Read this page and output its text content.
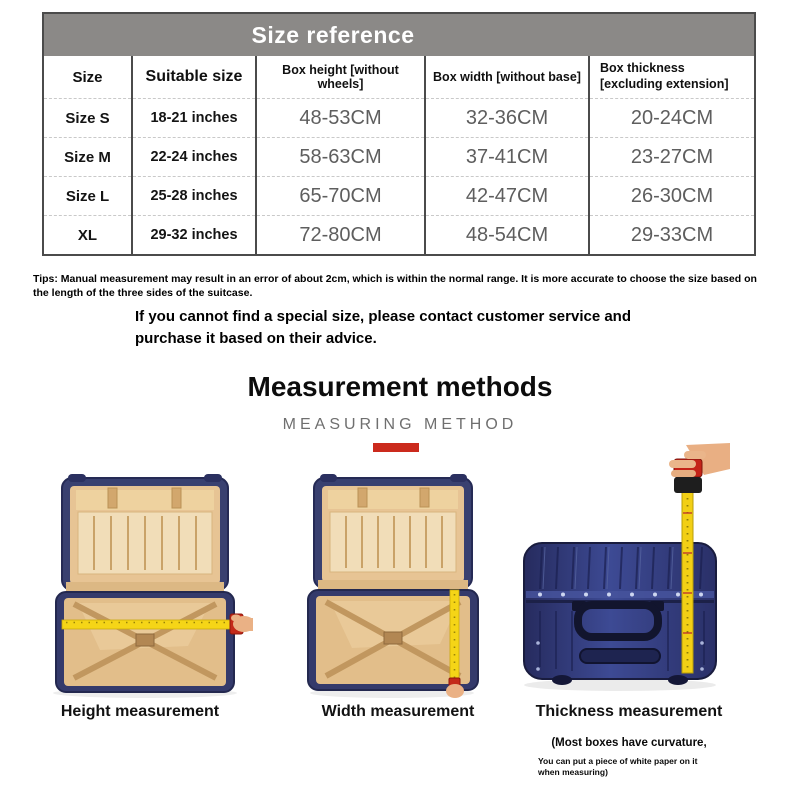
Size reference
Size	Suitable size	Box height [without wheels]	Box width [without base]	Box thickness [excluding extension]
Size S	18-21 inches	48-53CM	32-36CM	20-24CM
Size M	22-24 inches	58-63CM	37-41CM	23-27CM
Size L	25-28 inches	65-70CM	42-47CM	26-30CM
XL	29-32 inches	72-80CM	48-54CM	29-33CM

Tips: Manual measurement may result in an error of about 2cm, which is within the normal range. It is more accurate to choose the size based on the length of the three sides of the suitcase.

If you cannot find a special size, please contact customer service and purchase it based on their advice.

Measurement methods
MEASURING METHOD
Height measurement	Width measurement	Thickness measurement
(Most boxes have curvature,
You can put a piece of white paper on it when measuring)
